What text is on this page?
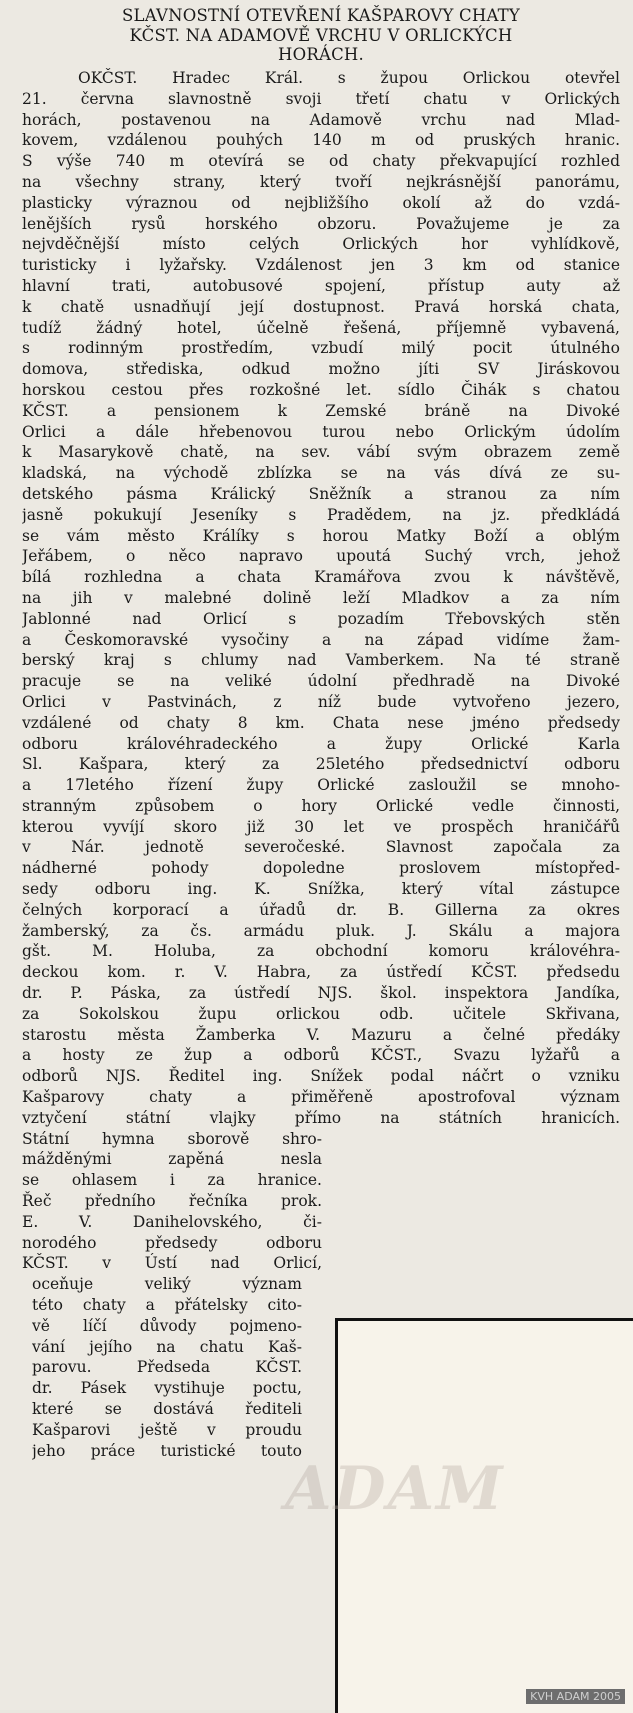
SLAVNOSTNÍ OTEVŘENÍ KAŠPAROVY CHATY
KČST. NA ADAMOVĚ VRCHU V ORLICKÝCH
HORÁCH.
OKČST. Hradec Král. s župou Orlickou otevřel
21. června slavnostně svoji třetí chatu v Orlických
horách, postavenou na Adamově vrchu nad Mlad-
kovem, vzdálenou pouhých 140 m od pruských hranic.
S výše 740 m otevírá se od chaty překvapující rozhled
na všechny strany, který tvoří nejkrásnější panorámu,
plasticky výraznou od nejbližšího okolí až do vzdá-
lenějších rysů horského obzoru. Považujeme je za
nejvděčnější místo celých Orlických hor vyhlídkově,
turisticky i lyžařsky. Vzdálenost jen 3 km od stanice
hlavní trati, autobusové spojení, přístup auty až
k chatě usnadňují její dostupnost. Pravá horská chata,
tudíž žádný hotel, účelně řešená, příjemně vybavená,
s rodinným prostředím, vzbudí milý pocit útulného
domova, střediska, odkud možno jíti SV Jiráskovou
horskou cestou přes rozkošné let. sídlo Čihák s chatou
KČST. a pensionem k Zemské bráně na Divoké
Orlici a dále hřebenovou turou nebo Orlickým údolím
k Masarykově chatě, na sev. vábí svým obrazem země
kladská, na východě zblízka se na vás dívá ze su-
detského pásma Králický Sněžník a stranou za ním
jasně pokukují Jeseníky s Pradědem, na jz. předkládá
se vám město Králíky s horou Matky Boží a oblým
Jeřábem, o něco napravo upoutá Suchý vrch, jehož
bílá rozhledna a chata Kramářova zvou k návštěvě,
na jih v malebné dolině leží Mladkov a za ním
Jablonné nad Orlicí s pozadím Třebovských stěn
a Českomoravské vysočiny a na západ vidíme žam-
berský kraj s chlumy nad Vamberkem. Na té straně
pracuje se na veliké údolní předhradě na Divoké
Orlici v Pastvinách, z níž bude vytvořeno jezero,
vzdálené od chaty 8 km. Chata nese jméno předsedy
odboru královéhradeckého a župy Orlické Karla
Sl. Kašpara, který za 25letého předsednictví odboru
a 17letého řízení župy Orlické zasloužil se mnoho-
stranným způsobem o hory Orlické vedle činnosti,
kterou vyvíjí skoro již 30 let ve prospěch hraničářů
v Nár. jednotě severočeské. Slavnost započala za
nádherné pohody dopoledne proslovem místopřed-
sedy odboru ing. K. Snížka, který vítal zástupce
čelných korporací a úřadů dr. B. Gillerna za okres
žamberský, za čs. armádu pluk. J. Skálu a majora
gšt. M. Holuba, za obchodní komoru královéhra-
deckou kom. r. V. Habra, za ústředí KČST. předsedu
dr. P. Páska, za ústředí NJS. škol. inspektora Jandíka,
za Sokolskou župu orlickou odb. učitele Skřivana,
starostu města Žamberka V. Mazuru a čelné předáky
a hosty ze žup a odborů KČST., Svazu lyžařů a
odborů NJS. Ředitel ing. Snížek podal náčrt o vzniku
Kašparovy chaty a přiměřeně apostrofoval význam
vztyčení státní vlajky přímo na státních hranicích.
Státní hymna sborově shro-
mážděnými zapěná nesla
se ohlasem i za hranice.
Řeč předního řečníka prok.
E. V. Danihelovského, či-
norodého předsedy odboru
KČST. v Ústí nad Orlicí,
oceňuje veliký význam
této chaty a přátelsky cito-
vě líčí důvody pojmeno-
vání jejího na chatu Kaš-
parovu. Předseda KČST.
dr. Pásek vystihuje poctu,
které se dostává řediteli
Kašparovi ještě v proudu
jeho práce turistické touto
ADAM
KVH ADAM 2005
